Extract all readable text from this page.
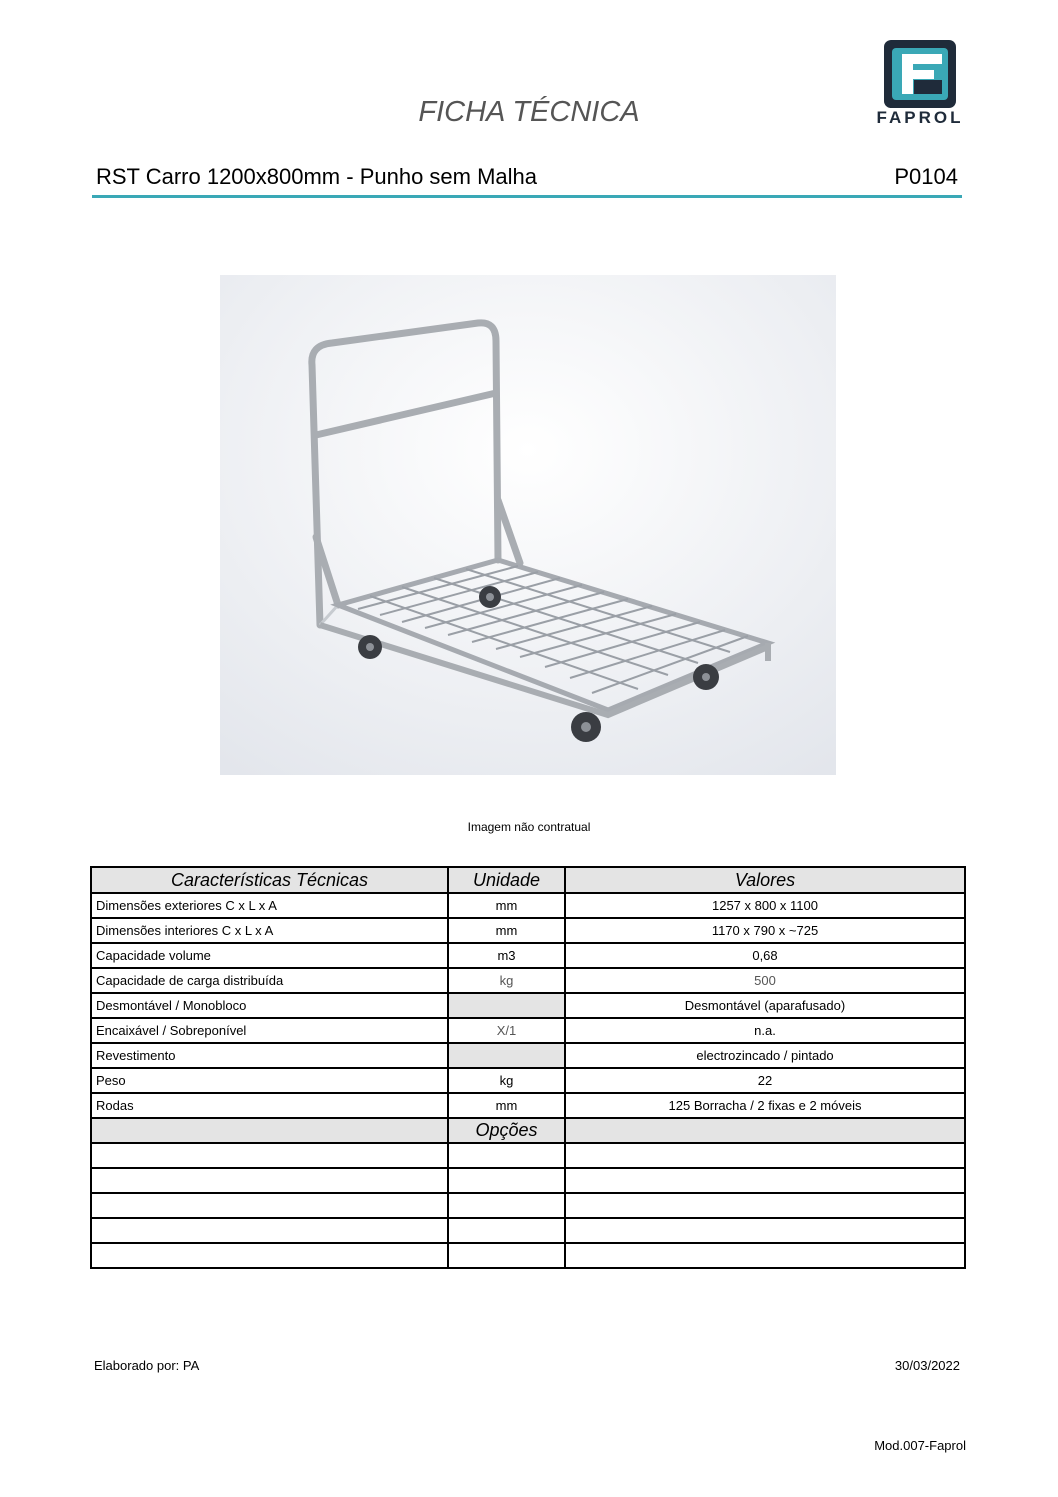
FAPROL
FICHA TÉCNICA
RST Carro 1200x800mm - Punho sem Malha	P0104
Imagem não contratual
Características Técnicas	Unidade	Valores
Dimensões exteriores C x L x A	mm	1257 x 800 x 1100
Dimensões interiores C x L x A	mm	1170 x 790 x ~725
Capacidade volume	m3	0,68
Capacidade de carga distribuída	kg	500
Desmontável / Monobloco		Desmontável (aparafusado)
Encaixável / Sobreponível	X/1	n.a.
Revestimento		electrozincado / pintado
Peso	kg	22
Rodas	mm	125 Borracha / 2 fixas e 2 móveis
	Opções	

Elaborado por: PA	30/03/2022
Mod.007-Faprol
